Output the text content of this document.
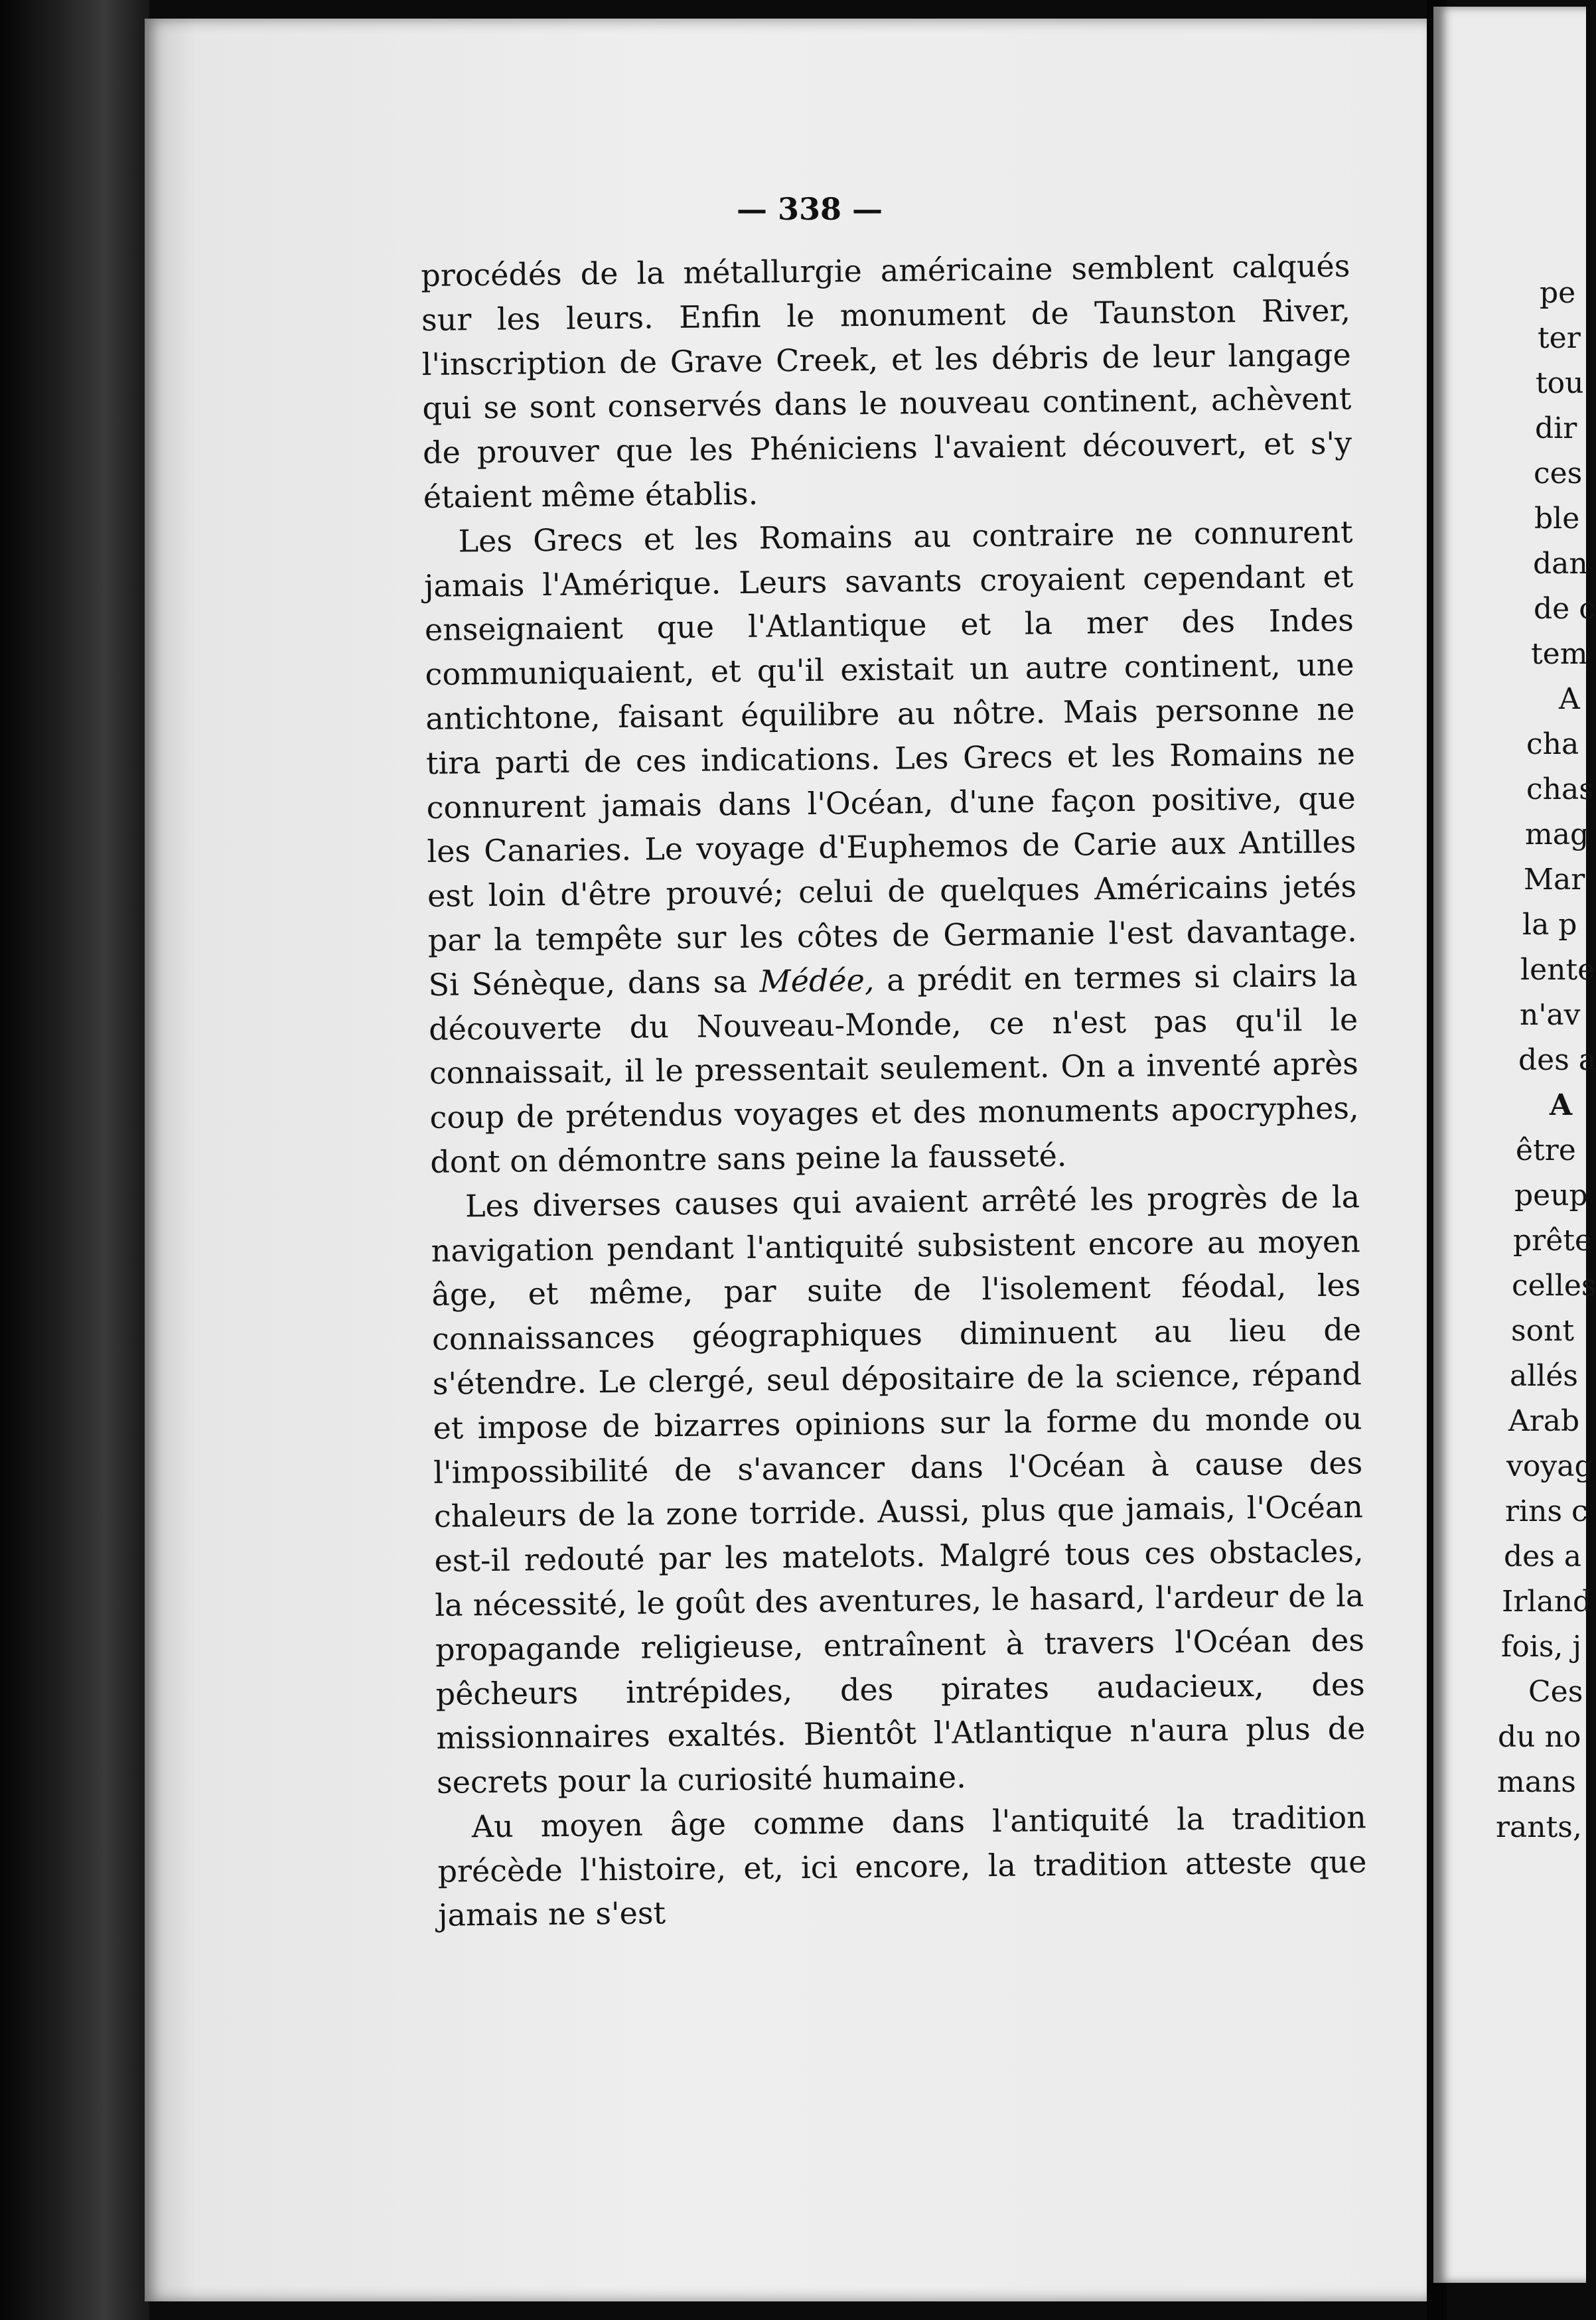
— 338 —

procédés de la métallurgie américaine semblent calqués sur les leurs. Enfin le monument de Taunston River, l'inscription de Grave Creek, et les débris de leur langage qui se sont conservés dans le nouveau continent, achèvent de prouver que les Phéniciens l'avaient découvert, et s'y étaient même établis.

Les Grecs et les Romains au contraire ne connurent jamais l'Amérique. Leurs savants croyaient cependant et enseignaient que l'Atlantique et la mer des Indes communiquaient, et qu'il existait un autre continent, une antichtone, faisant équilibre au nôtre. Mais personne ne tira parti de ces indications. Les Grecs et les Romains ne connurent jamais dans l'Océan, d'une façon positive, que les Canaries. Le voyage d'Euphemos de Carie aux Antilles est loin d'être prouvé; celui de quelques Américains jetés par la tempête sur les côtes de Germanie l'est davantage. Si Sénèque, dans sa Médée, a prédit en termes si clairs la découverte du Nouveau-Monde, ce n'est pas qu'il le connaissait, il le pressentait seulement. On a inventé après coup de prétendus voyages et des monuments apocryphes, dont on démontre sans peine la fausseté.

Les diverses causes qui avaient arrêté les progrès de la navigation pendant l'antiquité subsistent encore au moyen âge, et même, par suite de l'isolement féodal, les connaissances géographiques diminuent au lieu de s'étendre. Le clergé, seul dépositaire de la science, répand et impose de bizarres opinions sur la forme du monde ou l'impossibilité de s'avancer dans l'Océan à cause des chaleurs de la zone torride. Aussi, plus que jamais, l'Océan est-il redouté par les matelots. Malgré tous ces obstacles, la nécessité, le goût des aventures, le hasard, l'ardeur de la propagande religieuse, entraînent à travers l'Océan des pêcheurs intrépides, des pirates audacieux, des missionnaires exaltés. Bientôt l'Atlantique n'aura plus de secrets pour la curiosité humaine.

Au moyen âge comme dans l'antiquité la tradition précède l'histoire, et, ici encore, la tradition atteste que jamais ne s'est

pe

ter

tou

dir

ces

ble

dan

de c

tem

A

cha

chas

mag

Mar

la p

lente

n'av

des a

A

être

peup

prête

celles

sont

allés

Arab

voyag

rins c

des a

Irland

fois, j

Ces

du no

mans

rants,
